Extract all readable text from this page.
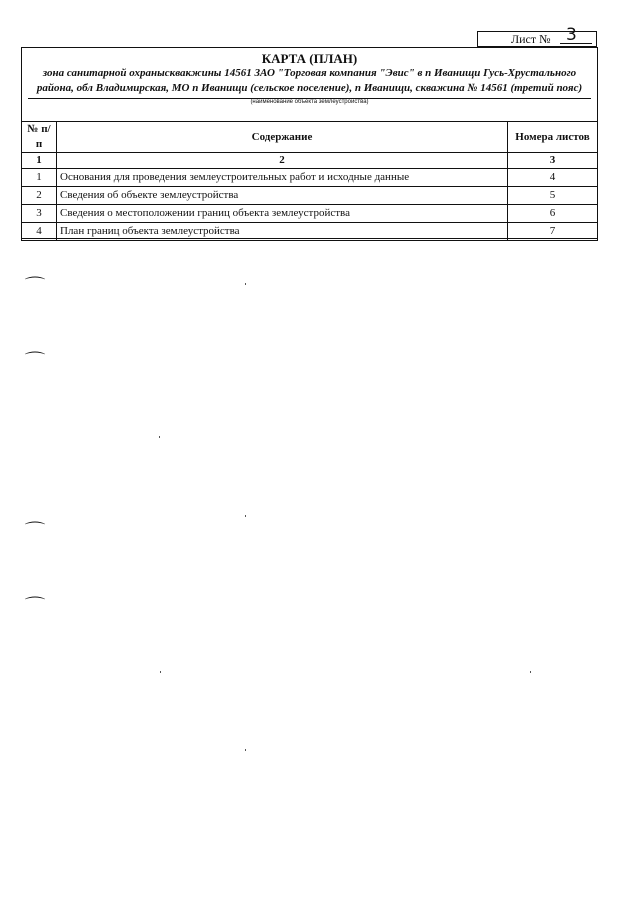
Лист № 3
КАРТА (ПЛАН)
зона санитарной охранысквакжины 14561 ЗАО "Торговая компания "Эвис" в п Иванищи Гусь-Хрустального района, обл Владимирская, МО п Иванищи (сельское поселение), п Иванищи, скважина № 14561 (третий пояс)
(наименование объекта землеустройства)
№ п/п	Содержание	Номера листов
1	2	3
1	Основания для проведения землеустроительных работ и исходные данные	4
2	Сведения об объекте землеустройства	5
3	Сведения о местоположении границ объекта землеустройства	6
4	План границ объекта землеустройства	7
⌒
⌒
⌒
⌒
